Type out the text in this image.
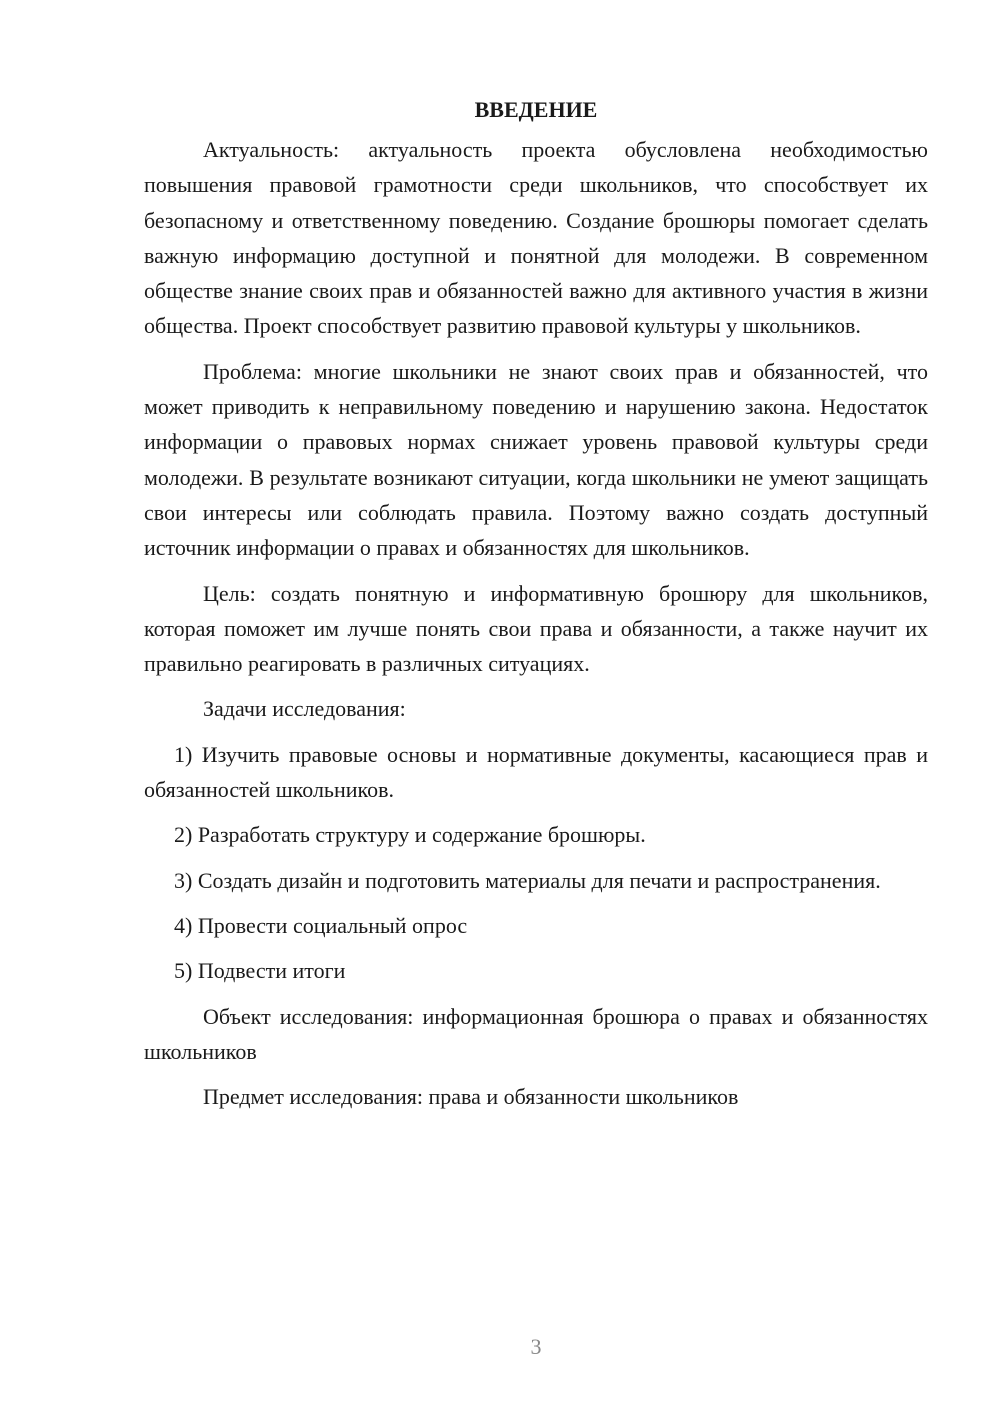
ВВЕДЕНИЕ

Актуальность: актуальность проекта обусловлена необходимостью повышения правовой грамотности среди школьников, что способствует их безопасному и ответственному поведению. Создание брошюры помогает сделать важную информацию доступной и понятной для молодежи. В современном обществе знание своих прав и обязанностей важно для активного участия в жизни общества. Проект способствует развитию правовой культуры у школьников.

Проблема: многие школьники не знают своих прав и обязанностей, что может приводить к неправильному поведению и нарушению закона. Недостаток информации о правовых нормах снижает уровень правовой культуры среди молодежи. В результате возникают ситуации, когда школьники не умеют защищать свои интересы или соблюдать правила. Поэтому важно создать доступный источник информации о правах и обязанностях для школьников.

Цель: создать понятную и информативную брошюру для школьников, которая поможет им лучше понять свои права и обязанности, а также научит их правильно реагировать в различных ситуациях.

Задачи исследования:

1) Изучить правовые основы и нормативные документы, касающиеся прав и обязанностей школьников.

2) Разработать структуру и содержание брошюры.

3) Создать дизайн и подготовить материалы для печати и распространения.

4) Провести социальный опрос

5) Подвести итоги

Объект исследования: информационная брошюра о правах и обязанностях школьников

Предмет исследования: права и обязанности школьников

3
